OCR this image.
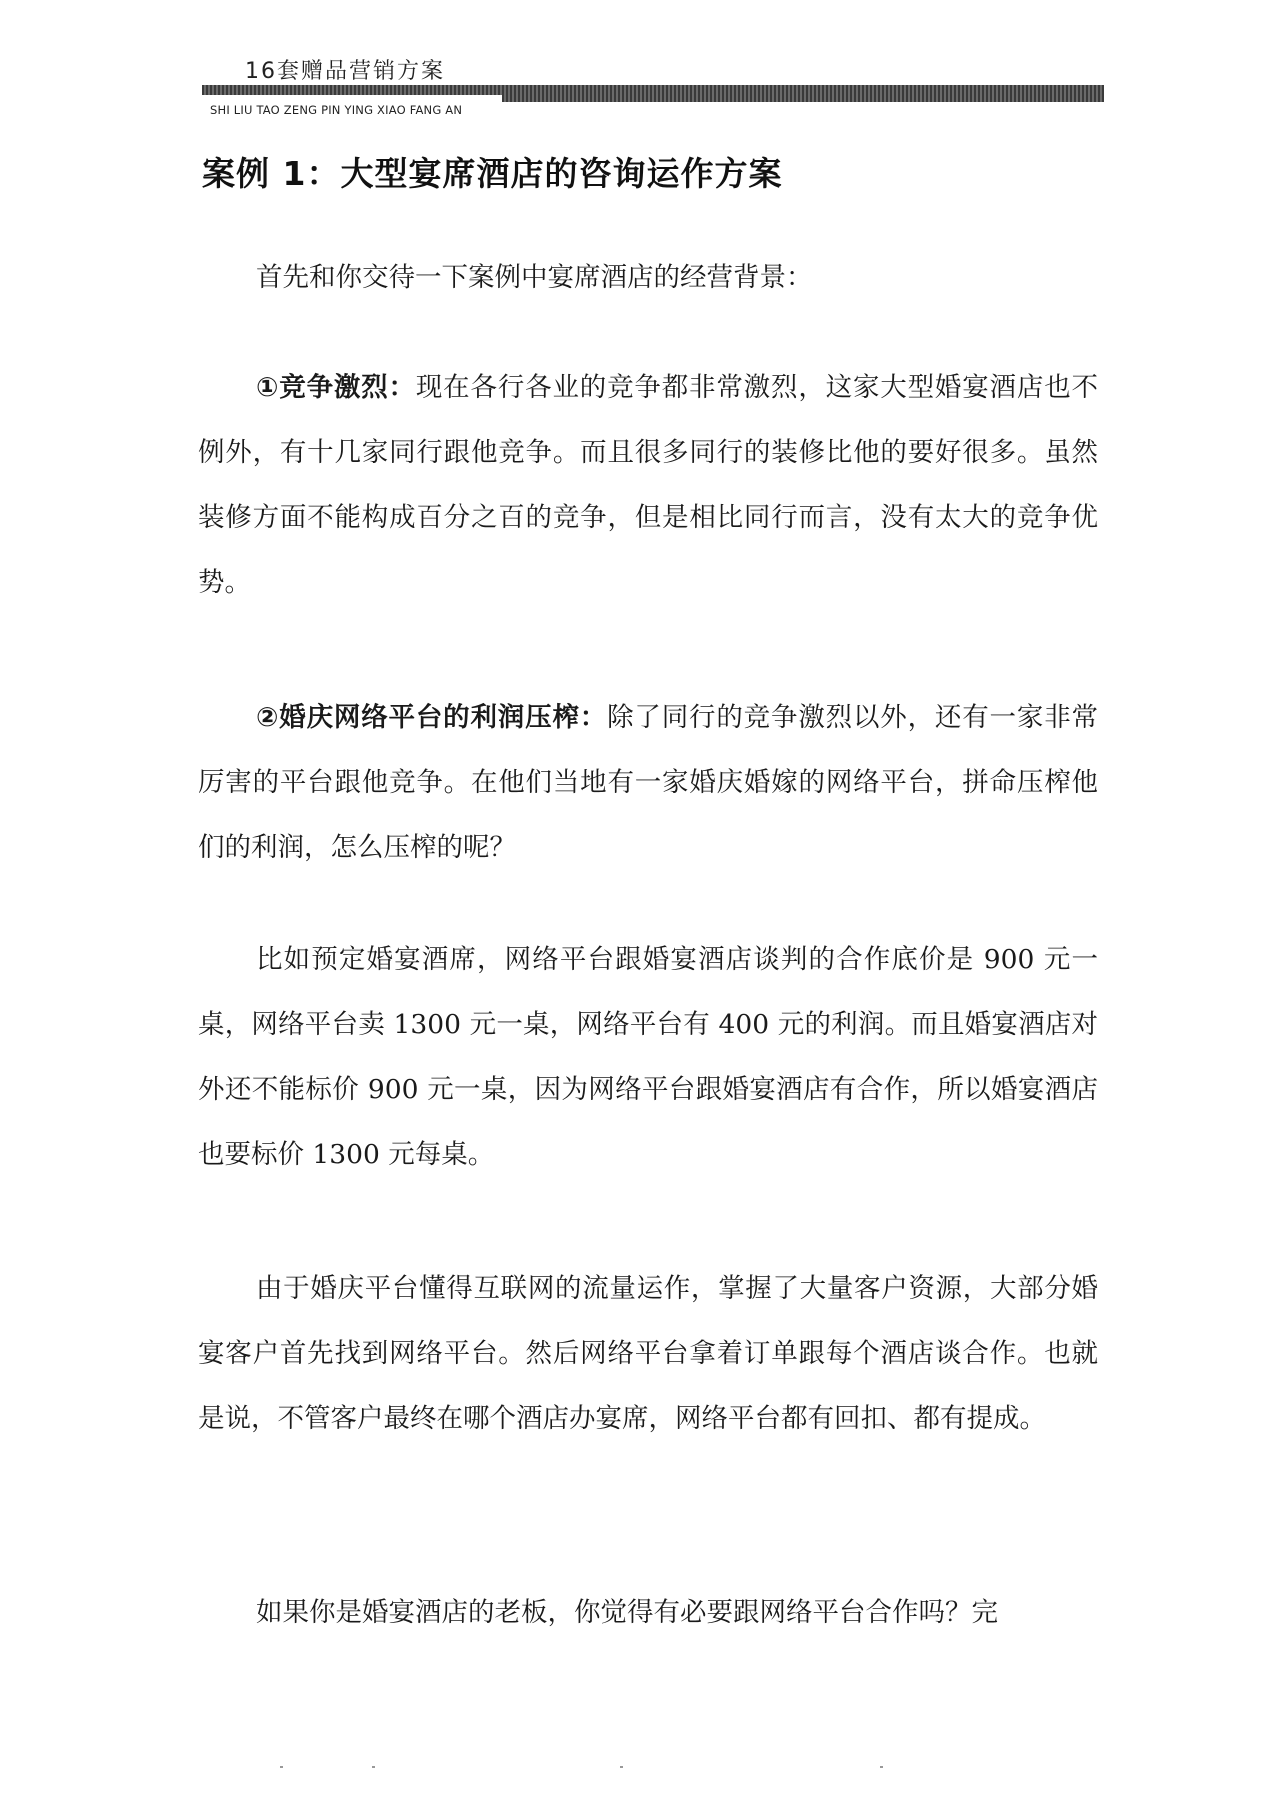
16套赠品营销方案
SHI LIU TAO ZENG PIN YING XIAO FANG AN
案例 1：大型宴席酒店的咨询运作方案

首先和你交待一下案例中宴席酒店的经营背景：

①竞争激烈：现在各行各业的竞争都非常激烈，这家大型婚宴酒店也不例外，有十几家同行跟他竞争。而且很多同行的装修比他的要好很多。虽然装修方面不能构成百分之百的竞争，但是相比同行而言，没有太大的竞争优势。

②婚庆网络平台的利润压榨：除了同行的竞争激烈以外，还有一家非常厉害的平台跟他竞争。在他们当地有一家婚庆婚嫁的网络平台，拼命压榨他们的利润，怎么压榨的呢？

比如预定婚宴酒席，网络平台跟婚宴酒店谈判的合作底价是 900 元一桌，网络平台卖 1300 元一桌，网络平台有 400 元的利润。而且婚宴酒店对外还不能标价 900 元一桌，因为网络平台跟婚宴酒店有合作，所以婚宴酒店也要标价 1300 元每桌。

由于婚庆平台懂得互联网的流量运作，掌握了大量客户资源，大部分婚宴客户首先找到网络平台。然后网络平台拿着订单跟每个酒店谈合作。也就是说，不管客户最终在哪个酒店办宴席，网络平台都有回扣、都有提成。

如果你是婚宴酒店的老板，你觉得有必要跟网络平台合作吗？完
